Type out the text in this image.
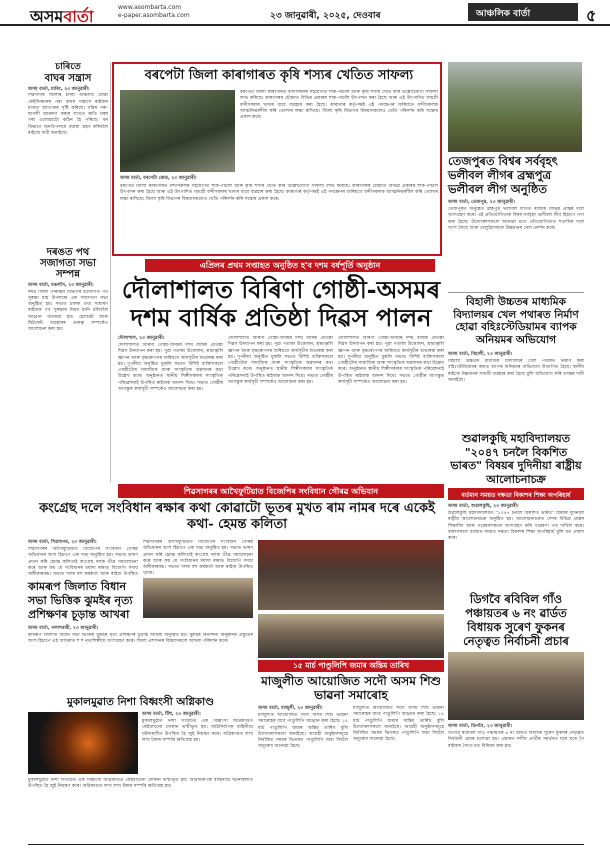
অসমবাৰ্তা	www.asombarta.com
e-paper.asombarta.com	২৩ জানুৱাৰী, ২০২৫, দেওবাৰ	আঞ্চলিক বাৰ্তা	৫
চাৰিতে
বাঘৰ সন্ত্ৰাস
অসম বাৰ্তা, চাৰিং, ২৩ জানুৱাৰী।
শিৱসাগৰ জিলাৰ চাৰিং অঞ্চলত যোৱা কেইদিনমানৰ পৰা বাঘৰ সন্ত্ৰাসে ৰাইজৰ মাজত আতংকৰ সৃষ্টি কৰিছে। গাঁৱৰ গৰু-ছাগলী আক্ৰমণ কৰাৰ লগতে ৰাতি ঘৰৰ পৰা ওলোৱাটো কঠিন হৈ পৰিছে। বন বিভাগে অনতিপলমে ব্যৱস্থা গ্ৰহণ কৰিবলৈ ৰাইজে দাবী জনাইছে।
দৰঙত পথ সজাগতা সভা সম্পন্ন
অসম বাৰ্তা, মঙলদৈ, ২৩ জানুৱাৰী।
দৰঙ জিলা পৰিবহন বিভাগৰ উদ্যোগত পথ সুৰক্ষা মাহ উপলক্ষে এক সজাগতা সভা অনুষ্ঠিত হয়। সভাত চালক তথা সাধাৰণ ৰাইজক পথ সুৰক্ষাৰ নিয়ম মানি চলিবলৈ আহ্বান জনোৱা হয়। হেলমেট আৰু ছিটবেল্ট ব্যৱহাৰৰ গুৰুত্ব সম্পৰ্কেও আলোচনা কৰা হয়।
বৰপেটা জিলা কাৰাগাৰত কৃষি শস্যৰ খেতিত সাফল্য
বৰপেটা জিলা কাৰাগাৰত বন্দীসকলৰ সহযোগত শাক-পাচলি আৰু কৃষি শস্যৰ খেতি কৰি উল্লেখযোগ্য সাফল্য লাভ কৰিছে। কাৰাগাৰৰ চৌহদত বিভিন্ন প্ৰকাৰৰ শাক-পাচলি উৎপাদন কৰা হৈছে আৰু এই উৎপাদিত সামগ্ৰী বন্দীসকলৰ খাদ্যৰ বাবে ব্যৱহাৰ কৰা হৈছে। কাৰাগাৰ কৰ্তৃপক্ষই এই পদক্ষেপৰ জৰিয়তে বন্দীসকলক আত্মনিৰ্ভৰশীল কৰি তোলাৰ লক্ষ্য ৰাখিছে। জিলা কৃষি বিভাগৰ বিষয়াসকলেও খেতি পৰিদৰ্শন কৰি সন্তোষ প্ৰকাশ কৰে।
অসম বাৰ্তা, বৰপেটা ৰোড, ২৩ জানুৱাৰী।
বৰপেটা জিলা কাৰাগাৰত বন্দীসকলৰ সহযোগত শাক-পাচলি আৰু কৃষি শস্যৰ খেতি কৰি উল্লেখযোগ্য সাফল্য লাভ কৰিছে। কাৰাগাৰৰ চৌহদত বিভিন্ন প্ৰকাৰৰ শাক-পাচলি উৎপাদন কৰা হৈছে আৰু এই উৎপাদিত সামগ্ৰী বন্দীসকলৰ খাদ্যৰ বাবে ব্যৱহাৰ কৰা হৈছে। কাৰাগাৰ কৰ্তৃপক্ষই এই পদক্ষেপৰ জৰিয়তে বন্দীসকলক আত্মনিৰ্ভৰশীল কৰি তোলাৰ লক্ষ্য ৰাখিছে। জিলা কৃষি বিভাগৰ বিষয়াসকলেও খেতি পৰিদৰ্শন কৰি সন্তোষ প্ৰকাশ কৰে।
এপ্ৰিলৰ প্ৰথম সপ্তাহত অনুষ্ঠিত হ'ব দশম বৰ্ষপূৰ্তি অনুষ্ঠান
দৌলাশালত বিৰিণা গোষ্ঠী-অসমৰ দশম বাৰ্ষিক প্ৰতিষ্ঠা দিৱস পালন
দৌলাশাল, ২৩ জানুৱাৰী।
দৌলাশালত বিৰিণা গোষ্ঠী-অসমৰ দশম বাৰ্ষিক প্ৰতিষ্ঠা দিৱস উদযাপন কৰা হয়। পুৱা পতাকা উত্তোলন, শ্ৰদ্ধাঞ্জলি জ্ঞাপন আৰু বৃক্ষৰোপণৰ জৰিয়তে কাৰ্যসূচীৰ শুভাৰম্ভ কৰা হয়। দুপৰীয়া অনুষ্ঠিত মুকলি সভাত বিশিষ্ট ব্যক্তিসকলে গোষ্ঠীটোৰ সামাজিক আৰু সাংস্কৃতিক অৱদানৰ কথা উল্লেখ কৰে। অনুষ্ঠানত স্থানীয় শিল্পীসকলৰ সাংস্কৃতিক পৰিৱেশনাই উপস্থিত ৰাইজক আনন্দ দিয়ে। সভাত গোষ্ঠীৰ আগন্তুক কাৰ্যসূচী সম্পৰ্কেও আলোচনা কৰা হয়।
দৌলাশালত বিৰিণা গোষ্ঠী-অসমৰ দশম বাৰ্ষিক প্ৰতিষ্ঠা দিৱস উদযাপন কৰা হয়। পুৱা পতাকা উত্তোলন, শ্ৰদ্ধাঞ্জলি জ্ঞাপন আৰু বৃক্ষৰোপণৰ জৰিয়তে কাৰ্যসূচীৰ শুভাৰম্ভ কৰা হয়। দুপৰীয়া অনুষ্ঠিত মুকলি সভাত বিশিষ্ট ব্যক্তিসকলে গোষ্ঠীটোৰ সামাজিক আৰু সাংস্কৃতিক অৱদানৰ কথা উল্লেখ কৰে। অনুষ্ঠানত স্থানীয় শিল্পীসকলৰ সাংস্কৃতিক পৰিৱেশনাই উপস্থিত ৰাইজক আনন্দ দিয়ে। সভাত গোষ্ঠীৰ আগন্তুক কাৰ্যসূচী সম্পৰ্কেও আলোচনা কৰা হয়।
দৌলাশালত বিৰিণা গোষ্ঠী-অসমৰ দশম বাৰ্ষিক প্ৰতিষ্ঠা দিৱস উদযাপন কৰা হয়। পুৱা পতাকা উত্তোলন, শ্ৰদ্ধাঞ্জলি জ্ঞাপন আৰু বৃক্ষৰোপণৰ জৰিয়তে কাৰ্যসূচীৰ শুভাৰম্ভ কৰা হয়। দুপৰীয়া অনুষ্ঠিত মুকলি সভাত বিশিষ্ট ব্যক্তিসকলে গোষ্ঠীটোৰ সামাজিক আৰু সাংস্কৃতিক অৱদানৰ কথা উল্লেখ কৰে। অনুষ্ঠানত স্থানীয় শিল্পীসকলৰ সাংস্কৃতিক পৰিৱেশনাই উপস্থিত ৰাইজক আনন্দ দিয়ে। সভাত গোষ্ঠীৰ আগন্তুক কাৰ্যসূচী সম্পৰ্কেও আলোচনা কৰা হয়।
তেজপুৰত বিশ্বৰ সৰ্ববৃহৎ ভলীবল লীগৰ ব্ৰহ্মপুত্ৰ ভলীবল লীগ অনুষ্ঠিত
অসম বাৰ্তা, তেজপুৰ, ২৩ জানুৱাৰী।
তেজপুৰত অনুষ্ঠিত ব্ৰহ্মপুত্ৰ ভলীবল লীগত ৰাজ্যৰ বিভিন্ন প্ৰান্তৰ দলে অংশগ্ৰহণ কৰে। এই প্ৰতিযোগিতাক বিশ্বৰ সৰ্ববৃহৎ ভলীবল লীগ হিচাপে গণ্য কৰা হৈছে। উদ্যোক্তাসকলে জনোৱা মতে প্ৰতিযোগিতাত শতাধিক দলে অংশ লৈছে আৰু খেলুৱৈসকলে উচ্চমানৰ খেল প্ৰদৰ্শন কৰে।
বিহালী উচ্চতৰ মাধ্যমিক বিদ্যালয়ৰ খেল পথাৰত নিৰ্মাণ হোৱা বহিঃস্টেডিয়ামৰ ব্যাপক অনিয়মৰ অভিযোগ
অসম বাৰ্তা, বিহালী, ২৩ জানুৱাৰী।
বিহালী উচ্চতৰ মাধ্যমিক বিদ্যালয়ৰ খেল পথাৰত নিৰ্মাণ কৰা বহিঃস্টেডিয়ামৰ কামত ব্যাপক অনিয়মৰ অভিযোগ উত্থাপিত হৈছে। স্থানীয় ৰাইজে নিম্নমানৰ সামগ্ৰী ব্যৱহাৰ কৰা হৈছে বুলি অভিযোগ কৰি তদন্তৰ দাবী জনাইছে।
শিৱসাগৰৰ আখৈফুটিয়াত বিজেপিৰ সংবিধান গৌৰৱ অভিযান
কংগ্ৰেছ দলে সংবিধান ৰক্ষাৰ কথা কোৱাটো ভূতৰ মুখত ৰাম নামৰ দৰে একেই কথা- হেমন্ত কলিতা
অসম বাৰ্তা, শিৱসাগৰ, ২৩ জানুৱাৰী।
শিৱসাগৰৰ আখৈফুটিয়াত বিজেপিৰ সংবিধান গৌৰৱ অভিযানৰ অংশ হিচাপে এক সভা অনুষ্ঠিত হয়। সভাত ভাষণ প্ৰদান কৰি হেমন্ত কলিতাই কংগ্ৰেছ দলক তীব্ৰ সমালোচনা কৰে আৰু কয় যে সংবিধানৰ মৰ্যাদা ৰক্ষাত বিজেপি সদায় অঙ্গীকাৰবদ্ধ। সভাত দলৰ বহু কৰ্মকৰ্তা আৰু ৰাইজ উপস্থিত
শিৱসাগৰৰ আখৈফুটিয়াত বিজেপিৰ সংবিধান গৌৰৱ অভিযানৰ অংশ হিচাপে এক সভা অনুষ্ঠিত হয়। সভাত ভাষণ প্ৰদান কৰি হেমন্ত কলিতাই কংগ্ৰেছ দলক তীব্ৰ সমালোচনা কৰে আৰু কয় যে সংবিধানৰ মৰ্যাদা ৰক্ষাত বিজেপি সদায় অঙ্গীকাৰবদ্ধ। সভাত দলৰ বহু কৰ্মকৰ্তা আৰু ৰাইজ উপস্থিত থাকে।
শুৱালকুছি মহাবিদ্যালয়ত "২০৪৭ চনলৈ বিকশিত ভাৰত" বিষয়ৰ দুদিনীয়া ৰাষ্ট্ৰীয় আলোচনাচক্ৰ
বৰ্তমান সময়ত দক্ষতা বিকাশৰ শিক্ষা অপৰিহাৰ্য
অসম বাৰ্তা, শুৱালকুছি, ২৩ জানুৱাৰী।
শুৱালকুছি মহাবিদ্যালয়ত "২০৪৭ চনলৈ বিকশিত ভাৰত" বিষয়ৰ দুদিনীয়া ৰাষ্ট্ৰীয় আলোচনাচক্ৰ অনুষ্ঠিত হয়। আলোচনাচক্ৰত দেশৰ বিভিন্ন প্ৰান্তৰ শিক্ষাবিদ আৰু গৱেষকসকলে অংশগ্ৰহণ কৰি গৱেষণা পত্ৰ দাখিল কৰে। বক্তাসকলে বৰ্তমান সময়ত দক্ষতা বিকাশৰ শিক্ষা অপৰিহাৰ্য বুলি মত প্ৰকাশ কৰে।
কামৰূপ জিলাত বিধান সভা ভিত্তিক ঝুমইৰ নৃত্য প্ৰশিক্ষণৰ চূড়ান্ত আখৰা
অসম বাৰ্তা, পলাশবাৰী, ২৩ জানুৱাৰী।
কামৰূপ জিলাত বিধান সভা ভিত্তিক ঝুমইৰ নৃত্য প্ৰশিক্ষণৰ চূড়ান্ত আখৰা অনুষ্ঠিত হয়। ঝুমইৰ বিনন্দিনী অনুষ্ঠানৰ প্ৰস্তুতিৰ অংশ হিচাপে এই আখৰাত শ শ নৃত্যশিল্পীয়ে অংশগ্ৰহণ কৰে। জিলা প্ৰশাসনৰ বিষয়াসকলে আখৰা পৰিদৰ্শন কৰে।
মুকালমুৱাত নিশা বিধ্বংসী অগ্নিকাণ্ড
অসম বাৰ্তা, টিহু, ২৩ জানুৱাৰী।
মুকালমুৱাত নিশা সংঘটিত এক বিধ্বংসী অগ্নিকাণ্ডত কেইবাখনো দোকান ভস্মীভূত হয়। অগ্নিনিৰ্বাপক বাহিনীয়ে ঘটনাস্থলীত উপস্থিত হৈ জুই নিয়ন্ত্ৰণ কৰে। অগ্নিকাণ্ডত লাখ লাখ টকাৰ সম্পত্তি ক্ষতিগ্ৰস্ত হয়।
মুকালমুৱাত নিশা সংঘটিত এক বিধ্বংসী অগ্নিকাণ্ডত কেইবাখনো দোকান ভস্মীভূত হয়। অগ্নিনিৰ্বাপক বাহিনীয়ে ঘটনাস্থলীত উপস্থিত হৈ জুই নিয়ন্ত্ৰণ কৰে। অগ্নিকাণ্ডত লাখ লাখ টকাৰ সম্পত্তি ক্ষতিগ্ৰস্ত হয়।
১৫ মাৰ্চ পাণ্ডুলিপি জমাৰ অন্তিম তাৰিখ
মাজুলীত আয়োজিত সদৌ অসম শিশু ভাৱনা সমাৰোহ
অসম বাৰ্তা, মাজুলী, ২৩ জানুৱাৰী।
মাজুলীত আয়োজিত সদৌ অসম শিশু ভাৱনা সমাৰোহৰ বাবে পাণ্ডুলিপি আহ্বান কৰা হৈছে। ১৫ মাৰ্চ পাণ্ডুলিপি জমাৰ অন্তিম তাৰিখ বুলি উদ্যোক্তাসকলে জনাইছে। আগ্ৰহী অনুষ্ঠানসমূহে নিৰ্ধাৰিত সময়ৰ ভিতৰত পাণ্ডুলিপি জমা দিবলৈ অনুৰোধ জনোৱা হৈছে।
মাজুলীত আয়োজিত সদৌ অসম শিশু ভাৱনা সমাৰোহৰ বাবে পাণ্ডুলিপি আহ্বান কৰা হৈছে। ১৫ মাৰ্চ পাণ্ডুলিপি জমাৰ অন্তিম তাৰিখ বুলি উদ্যোক্তাসকলে জনাইছে। আগ্ৰহী অনুষ্ঠানসমূহে নিৰ্ধাৰিত সময়ৰ ভিতৰত পাণ্ডুলিপি জমা দিবলৈ অনুৰোধ জনোৱা হৈছে।
ডিগবৈ ৰবিবিল গাঁও পঞ্চায়তৰ ৬ নং ৱাৰ্ডত বিধায়ক সুৰেণ ফুকনৰ নেতৃত্বত নিৰ্বাচনী প্ৰচাৰ
অসম বাৰ্তা, ডিগবৈ, ২৩ জানুৱাৰী।
ডিগবৈ ৰবিবিল গাঁও পঞ্চায়তৰ ৬ নং ৱাৰ্ডত বিধায়ক সুৰেণ ফুকনৰ নেতৃত্বত নিৰ্বাচনী প্ৰচাৰ চলোৱা হয়। প্ৰচাৰত দলীয় প্ৰাৰ্থীৰ সমৰ্থনত ঘৰে ঘৰে গৈ ৰাইজৰ সৈতে মত বিনিময় কৰা হয়।
